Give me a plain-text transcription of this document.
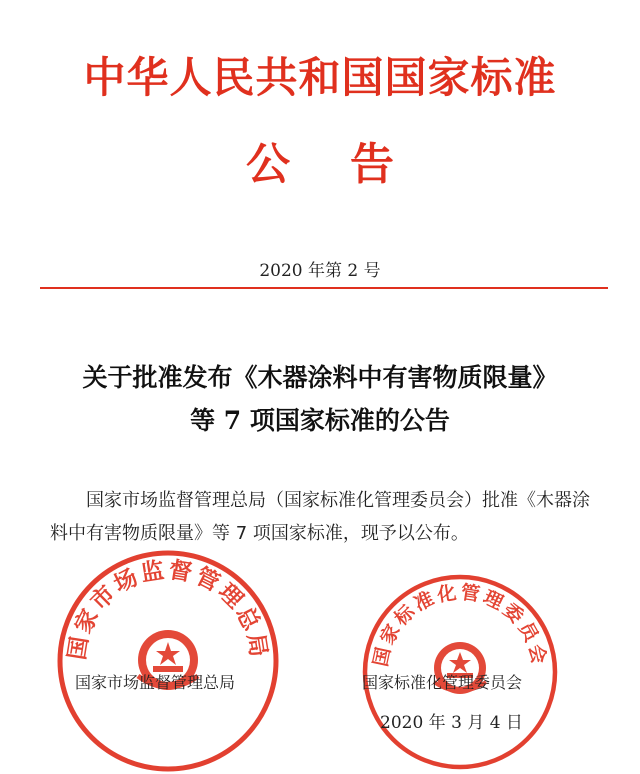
中华人民共和国国家标准
公告
2020 年第 2 号
关于批准发布《木器涂料中有害物质限量》
等 7 项国家标准的公告
国家市场监督管理总局（国家标准化管理委员会）批准《木器涂料中有害物质限量》等 7 项国家标准，现予以公布。
国家市场监督管理总局	国家标准化管理委员会
国家市场监督管理总局	国家标准化管理委员会
2020 年 3 月 4 日
